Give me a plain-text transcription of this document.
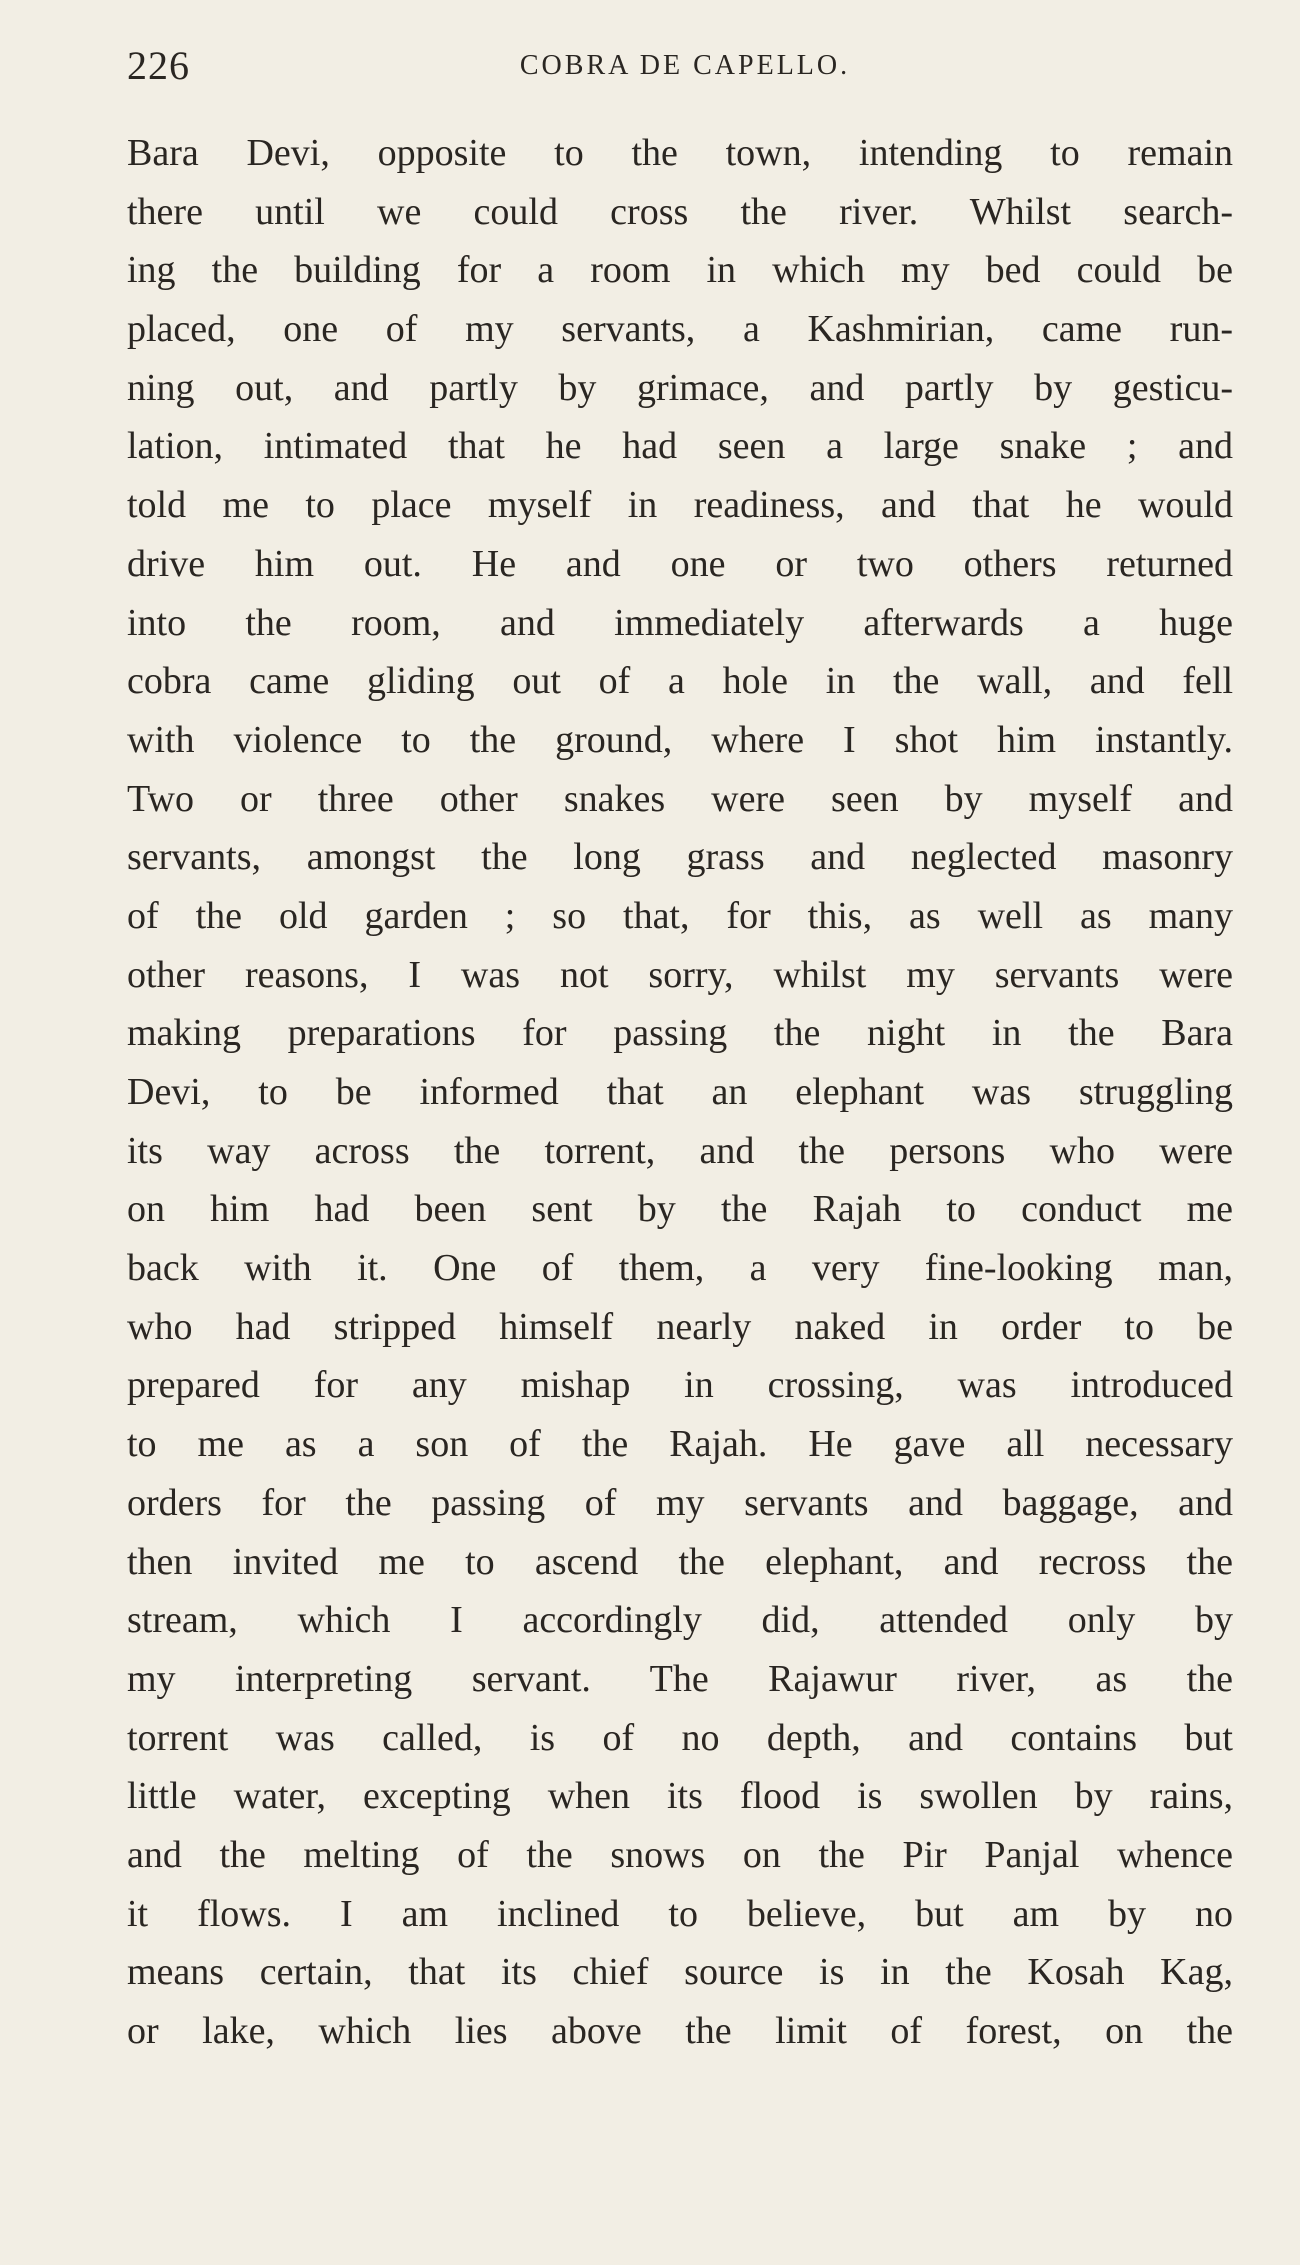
226	COBRA DE CAPELLO.
Bara Devi, opposite to the town, intending to remain
there until we could cross the river. Whilst search-
ing the building for a room in which my bed could be
placed, one of my servants, a Kashmirian, came run-
ning out, and partly by grimace, and partly by gesticu-
lation, intimated that he had seen a large snake ; and
told me to place myself in readiness, and that he would
drive him out. He and one or two others returned
into the room, and immediately afterwards a huge
cobra came gliding out of a hole in the wall, and fell
with violence to the ground, where I shot him instantly.
Two or three other snakes were seen by myself and
servants, amongst the long grass and neglected masonry
of the old garden ; so that, for this, as well as many
other reasons, I was not sorry, whilst my servants were
making preparations for passing the night in the Bara
Devi, to be informed that an elephant was struggling
its way across the torrent, and the persons who were
on him had been sent by the Rajah to conduct me
back with it. One of them, a very fine-looking man,
who had stripped himself nearly naked in order to be
prepared for any mishap in crossing, was introduced
to me as a son of the Rajah. He gave all necessary
orders for the passing of my servants and baggage, and
then invited me to ascend the elephant, and recross the
stream, which I accordingly did, attended only by
my interpreting servant. The Rajawur river, as the
torrent was called, is of no depth, and contains but
little water, excepting when its flood is swollen by rains,
and the melting of the snows on the Pir Panjal whence
it flows. I am inclined to believe, but am by no
means certain, that its chief source is in the Kosah Kag,
or lake, which lies above the limit of forest, on the
